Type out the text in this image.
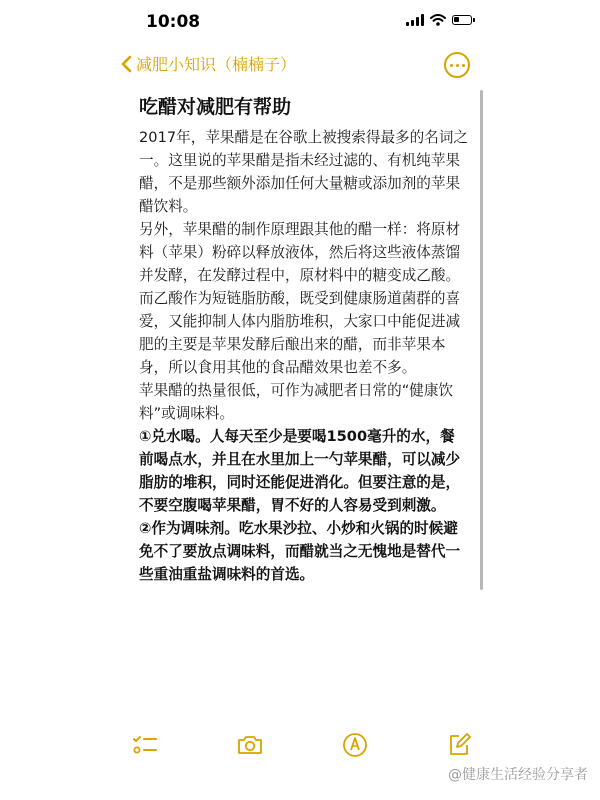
10:08
减肥小知识（楠楠子）
吃醋对减肥有帮助

2017年，苹果醋是在谷歌上被搜索得最多的名词之一。这里说的苹果醋是指未经过滤的、有机纯苹果醋，不是那些额外添加任何大量糖或添加剂的苹果醋饮料。

另外，苹果醋的制作原理跟其他的醋一样：将原材料（苹果）粉碎以释放液体，然后将这些液体蒸馏并发酵，在发酵过程中，原材料中的糖变成乙酸。而乙酸作为短链脂肪酸，既受到健康肠道菌群的喜爱，又能抑制人体内脂肪堆积，大家口中能促进减肥的主要是苹果发酵后酿出来的醋，而非苹果本身，所以食用其他的食品醋效果也差不多。

苹果醋的热量很低，可作为减肥者日常的“健康饮料”或调味料。

①兑水喝。人每天至少是要喝1500毫升的水，餐前喝点水，并且在水里加上一勺苹果醋，可以减少脂肪的堆积，同时还能促进消化。但要注意的是，不要空腹喝苹果醋，胃不好的人容易受到刺激。

②作为调味剂。吃水果沙拉、小炒和火锅的时候避免不了要放点调味料，而醋就当之无愧地是替代一些重油重盐调味料的首选。

@健康生活经验分享者
